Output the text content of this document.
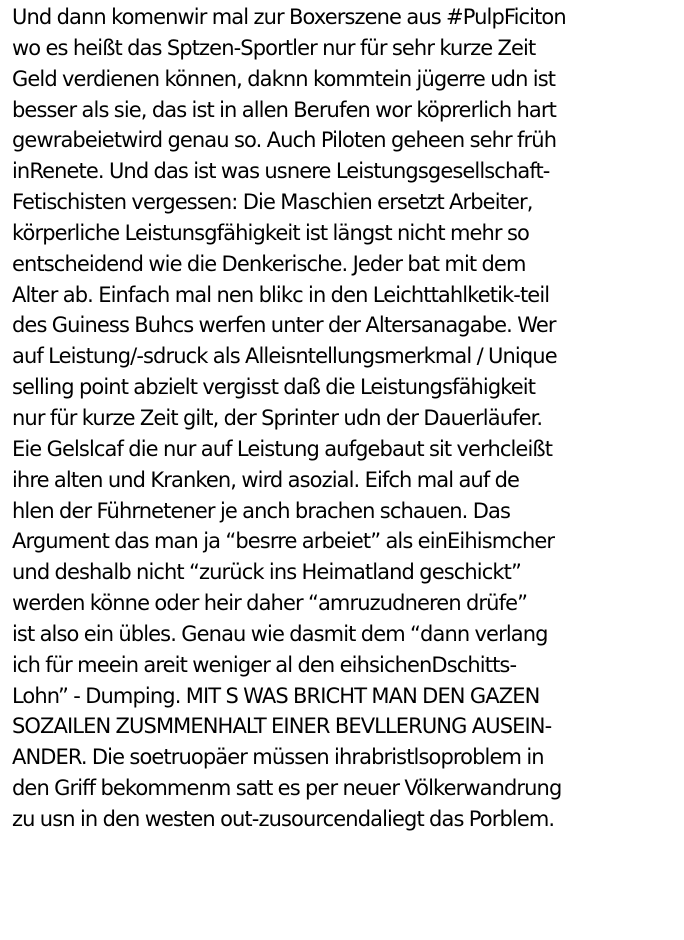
Und dann komenwir mal zur Boxerszene aus #PulpFiciton
wo es heißt das Sptzen-Sportler nur für sehr kurze Zeit
Geld verdienen können, daknn kommtein jügerre udn ist
besser als sie, das ist in allen Berufen wor köprerlich hart
gewrabeietwird genau so. Auch Piloten geheen sehr früh
inRenete. Und das ist was usnere Leistungsgesellschaft-
Fetischisten vergessen: Die Maschien ersetzt Arbeiter,
körperliche Leistunsgfähigkeit ist längst nicht mehr so
entscheidend wie die Denkerische. Jeder bat mit dem
Alter ab. Einfach mal nen blikc in den Leichttahlketik-teil
des Guiness Buhcs werfen unter der Altersanagabe. Wer
auf Leistung/-sdruck als Alleisntellungsmerkmal / Unique
selling point abzielt vergisst daß die Leistungsfähigkeit
nur für kurze Zeit gilt, der Sprinter udn der Dauerläufer.
Eie Gelslcaf die nur auf Leistung aufgebaut sit verhcleißt
ihre alten und Kranken, wird asozial. Eifch mal auf de
hlen der Führnetener je anch brachen schauen. Das
Argument das man ja “besrre arbeiet” als einEihismcher
und deshalb nicht “zurück ins Heimatland geschickt”
werden könne oder heir daher “amruzudneren drüfe”
ist also ein übles. Genau wie dasmit dem “dann verlang
ich für meein areit weniger al den eihsichenDschitts-
Lohn” - Dumping. MIT S WAS BRICHT MAN DEN GAZEN
SOZAILEN ZUSMMENHALT EINER BEVLLERUNG AUSEIN-
ANDER. Die soetruopäer müssen ihrabristlsoproblem in
den Griff bekommenm satt es per neuer Völkerwandrung
zu usn in den westen out-zusourcendaliegt das Porblem.
